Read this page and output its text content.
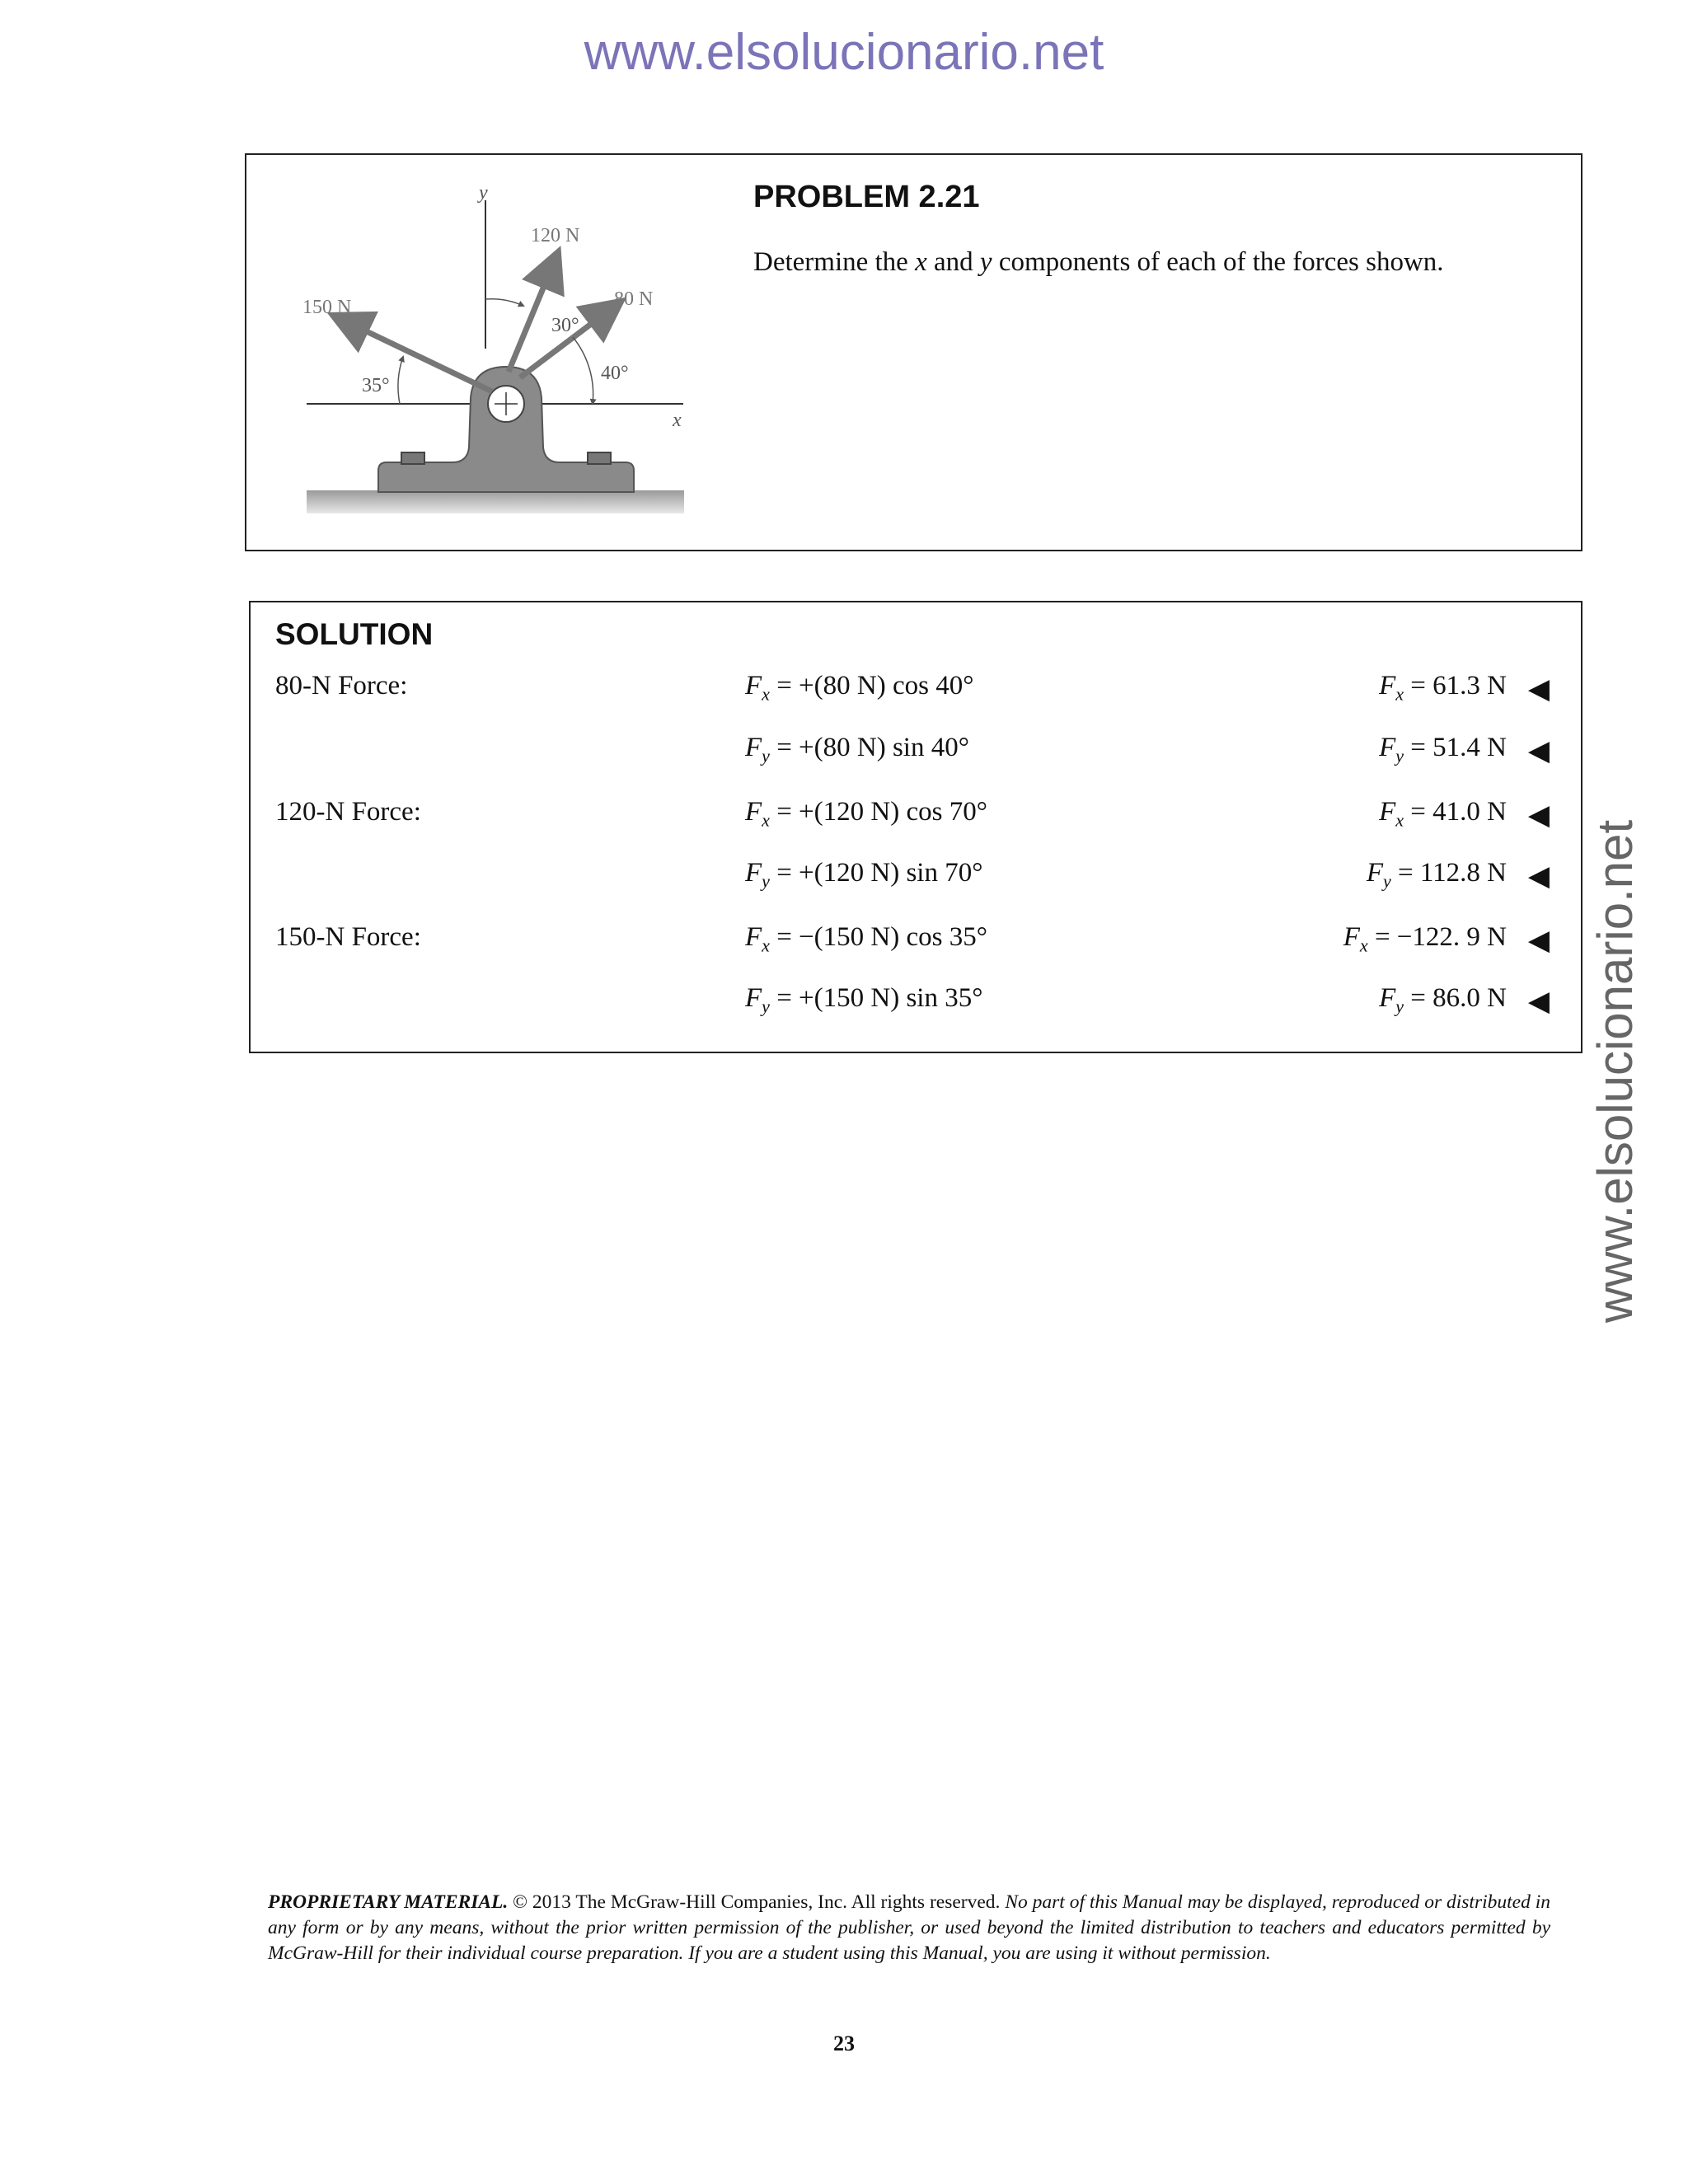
www.elsolucionario.net
www.elsolucionario.net
y
x
120 N
80 N
150 N
30°
40°
35°
PROBLEM 2.21
Determine the x and y components of each of the forces shown.
SOLUTION
80-N Force:	$F_x = +(80$ N) cos 40°	$F_x = 61.3$ N ◀
$F_y = +(80$ N) sin 40°	$F_y = 51.4$ N ◀
120-N Force:	$F_x = +(120$ N) cos 70°	$F_x = 41.0$ N ◀
$F_y = +(120$ N) sin 70°	$F_y = 112.8$ N ◀
150-N Force:	$F_x = -(150$ N) cos 35°	$F_x = -122$. 9 N ◀
$F_y = +(150$ N) sin 35°	$F_y = 86.0$ N ◀
PROPRIETARY MATERIAL. © 2013 The McGraw-Hill Companies, Inc. All rights reserved. No part of this Manual may be displayed, reproduced or distributed in any form or by any means, without the prior written permission of the publisher, or used beyond the limited distribution to teachers and educators permitted by McGraw-Hill for their individual course preparation. If you are a student using this Manual, you are using it without permission.
23
